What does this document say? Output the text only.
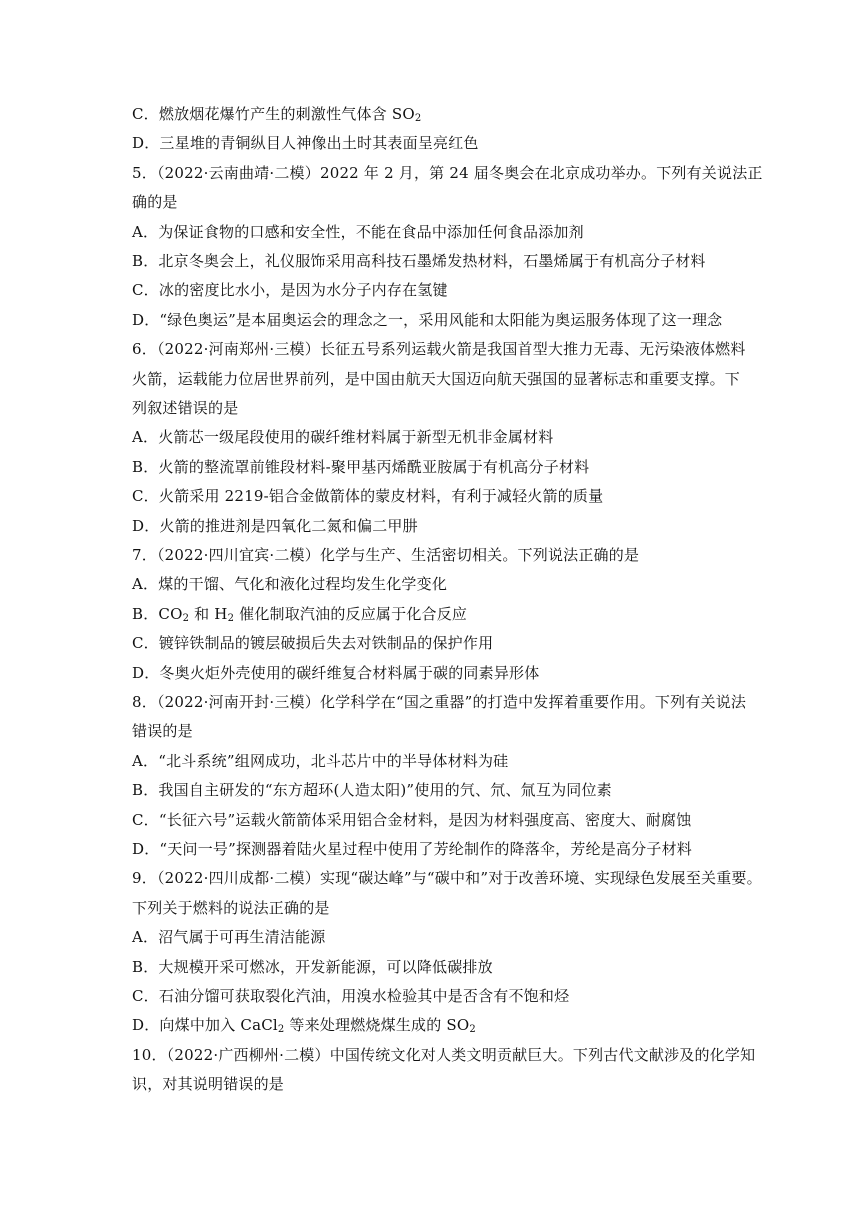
C．燃放烟花爆竹产生的刺激性气体含 $SO_2$
D．三星堆的青铜纵目人神像出土时其表面呈亮红色
5．（2022·云南曲靖·二模）2022 年 2 月，第 24 届冬奥会在北京成功举办。下列有关说法正
确的是
A．为保证食物的口感和安全性，不能在食品中添加任何食品添加剂
B．北京冬奥会上，礼仪服饰采用高科技石墨烯发热材料，石墨烯属于有机高分子材料
C．冰的密度比水小，是因为水分子内存在氢键
D．“绿色奥运”是本届奥运会的理念之一，采用风能和太阳能为奥运服务体现了这一理念
6．（2022·河南郑州·三模）长征五号系列运载火箭是我国首型大推力无毒、无污染液体燃料
火箭，运载能力位居世界前列，是中国由航天大国迈向航天强国的显著标志和重要支撑。下
列叙述错误的是
A．火箭芯一级尾段使用的碳纤维材料属于新型无机非金属材料
B．火箭的整流罩前锥段材料-聚甲基丙烯酰亚胺属于有机高分子材料
C．火箭采用 2219-铝合金做箭体的蒙皮材料，有利于减轻火箭的质量
D．火箭的推进剂是四氧化二氮和偏二甲肼
7．（2022·四川宜宾·二模）化学与生产、生活密切相关。下列说法正确的是
A．煤的干馏、气化和液化过程均发生化学变化
B．$CO_2$ 和 $H_2$ 催化制取汽油的反应属于化合反应
C．镀锌铁制品的镀层破损后失去对铁制品的保护作用
D．冬奥火炬外壳使用的碳纤维复合材料属于碳的同素异形体
8．（2022·河南开封·三模）化学科学在“国之重器”的打造中发挥着重要作用。下列有关说法
错误的是
A．“北斗系统”组网成功，北斗芯片中的半导体材料为硅
B．我国自主研发的“东方超环(人造太阳)”使用的氕、氘、氚互为同位素
C．“长征六号”运载火箭箭体采用铝合金材料，是因为材料强度高、密度大、耐腐蚀
D．“天问一号”探测器着陆火星过程中使用了芳纶制作的降落伞，芳纶是高分子材料
9．（2022·四川成都·二模）实现“碳达峰”与“碳中和”对于改善环境、实现绿色发展至关重要。
下列关于燃料的说法正确的是
A．沼气属于可再生清洁能源
B．大规模开采可燃冰，开发新能源，可以降低碳排放
C．石油分馏可获取裂化汽油，用溴水检验其中是否含有不饱和烃
D．向煤中加入 CaCl$_2$ 等来处理燃烧煤生成的 $SO_2$
10．（2022·广西柳州·二模）中国传统文化对人类文明贡献巨大。下列古代文献涉及的化学知
识，对其说明错误的是
